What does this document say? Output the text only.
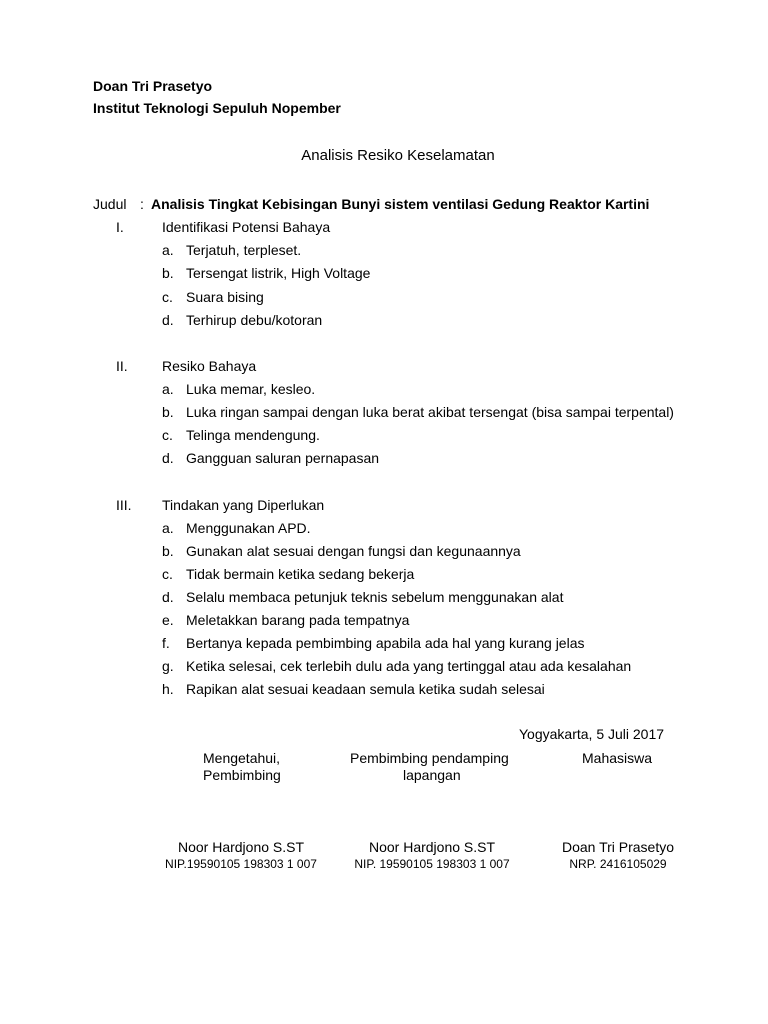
Doan Tri Prasetyo
Institut Teknologi Sepuluh Nopember
Analisis Resiko Keselamatan
Judul : Analisis Tingkat Kebisingan Bunyi sistem ventilasi Gedung Reaktor Kartini
I.	Identifikasi Potensi Bahaya
a. Terjatuh, terpleset.
b. Tersengat listrik, High Voltage
c. Suara bising
d. Terhirup debu/kotoran
II. Resiko Bahaya
a. Luka memar, kesleo.
b. Luka ringan sampai dengan luka berat akibat tersengat (bisa sampai terpental)
c. Telinga mendengung.
d. Gangguan saluran pernapasan
III. Tindakan yang Diperlukan
a. Menggunakan APD.
b. Gunakan alat sesuai dengan fungsi dan kegunaannya
c. Tidak bermain ketika sedang bekerja
d. Selalu membaca petunjuk teknis sebelum menggunakan alat
e. Meletakkan barang pada tempatnya
f. Bertanya kepada pembimbing apabila ada hal yang kurang jelas
g. Ketika selesai, cek terlebih dulu ada yang tertinggal atau ada kesalahan
h. Rapikan alat sesuai keadaan semula ketika sudah selesai
Yogyakarta, 5 Juli 2017
Mengetahui,
Pembimbing
Noor Hardjono S.ST
NIP.19590105 198303 1 007
Pembimbing pendamping
lapangan
Noor Hardjono S.ST
NIP. 19590105 198303 1 007
Mahasiswa
Doan Tri Prasetyo
NRP. 2416105029
